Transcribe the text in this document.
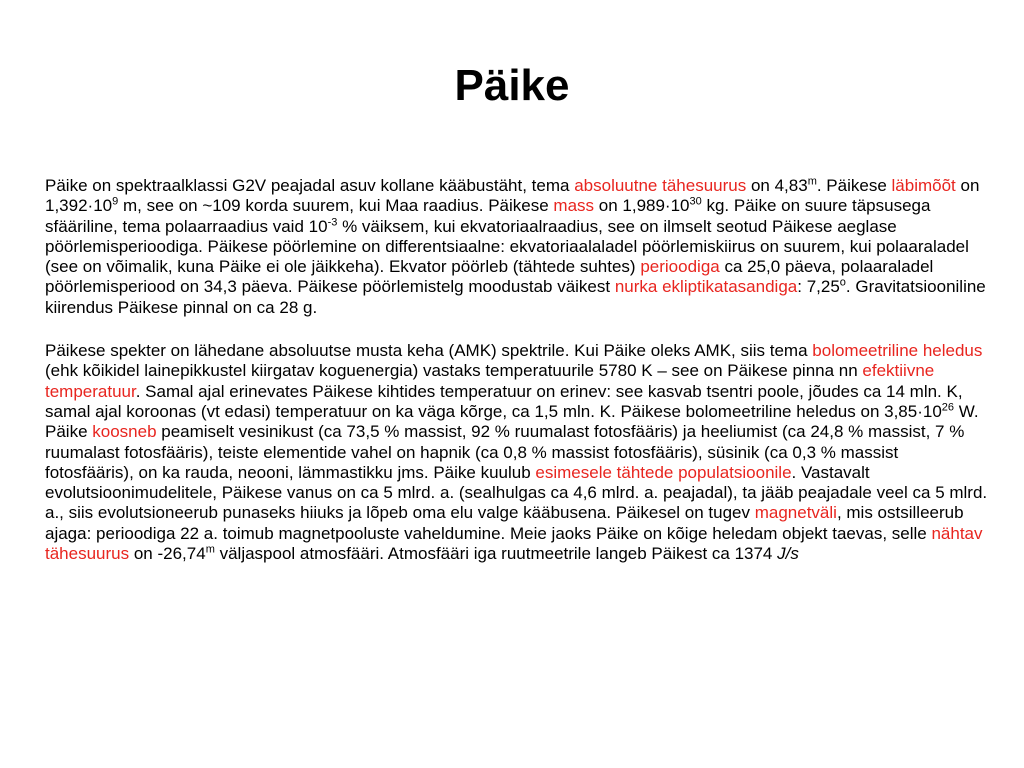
Päike

Päike on spektraalklassi G2V peajadal asuv kollane kääbustäht, tema absoluutne tähesuurus on 4,83$^m$. Päikese läbimõõt on $1,392\cdot 10^9$ m, see on ~109 korda suurem, kui Maa raadius. Päikese mass on $1,989\cdot 10^{30}$ kg. Päike on suure täpsusega sfääriline, tema polaarraadius vaid $10^{-3}$ % väiksem, kui ekvatoriaalraadius, see on ilmselt seotud Päikese aeglase pöörlemisperioodiga. Päikese pöörlemine on differentsiaalne: ekvatoriaalaladel pöörlemiskiirus on suurem, kui polaaraladel (see on võimalik, kuna Päike ei ole jäikkeha). Ekvator pöörleb (tähtede suhtes) perioodiga ca 25,0 päeva, polaaraladel pöörlemisperiood on 34,3 päeva. Päikese pöörlemistelg moodustab väikest nurka ekliptikatasandiga: 7,25$^o$. Gravitatsiooniline kiirendus Päikese pinnal on ca 28 g.

Päikese spekter on lähedane absoluutse musta keha (AMK) spektrile. Kui Päike oleks AMK, siis tema bolomeetriline heledus (ehk kõikidel lainepikkustel kiirgatav koguenergia) vastaks temperatuurile 5780 K – see on Päikese pinna nn efektiivne temperatuur. Samal ajal erinevates Päikese kihtides temperatuur on erinev: see kasvab tsentri poole, jõudes ca 14 mln. K, samal ajal koroonas (vt edasi) temperatuur on ka väga kõrge, ca 1,5 mln. K. Päikese bolomeetriline heledus on $3,85\cdot 10^{26}$ W. Päike koosneb peamiselt vesinikust (ca 73,5 % massist, 92 % ruumalast fotosfääris) ja heeliumist (ca 24,8 % massist, 7 % ruumalast fotosfääris), teiste elementide vahel on hapnik (ca 0,8 % massist fotosfääris), süsinik (ca 0,3 % massist fotosfääris), on ka rauda, neooni, lämmastikku jms. Päike kuulub esimesele tähtede populatsioonile. Vastavalt evolutsioonimudelitele, Päikese vanus on ca 5 mlrd. a. (sealhulgas ca 4,6 mlrd. a. peajadal), ta jääb peajadale veel ca 5 mlrd. a., siis evolutsioneerub punaseks hiiuks ja lõpeb oma elu valge kääbusena. Päikesel on tugev magnetväli, mis ostsilleerub ajaga: perioodiga 22 a. toimub magnetpooluste vaheldumine. Meie jaoks Päike on kõige heledam objekt taevas, selle nähtav tähesuurus on -26,74$^m$ väljaspool atmosfääri. Atmosfääri iga ruutmeetrile langeb Päikest ca 1374 J/s
